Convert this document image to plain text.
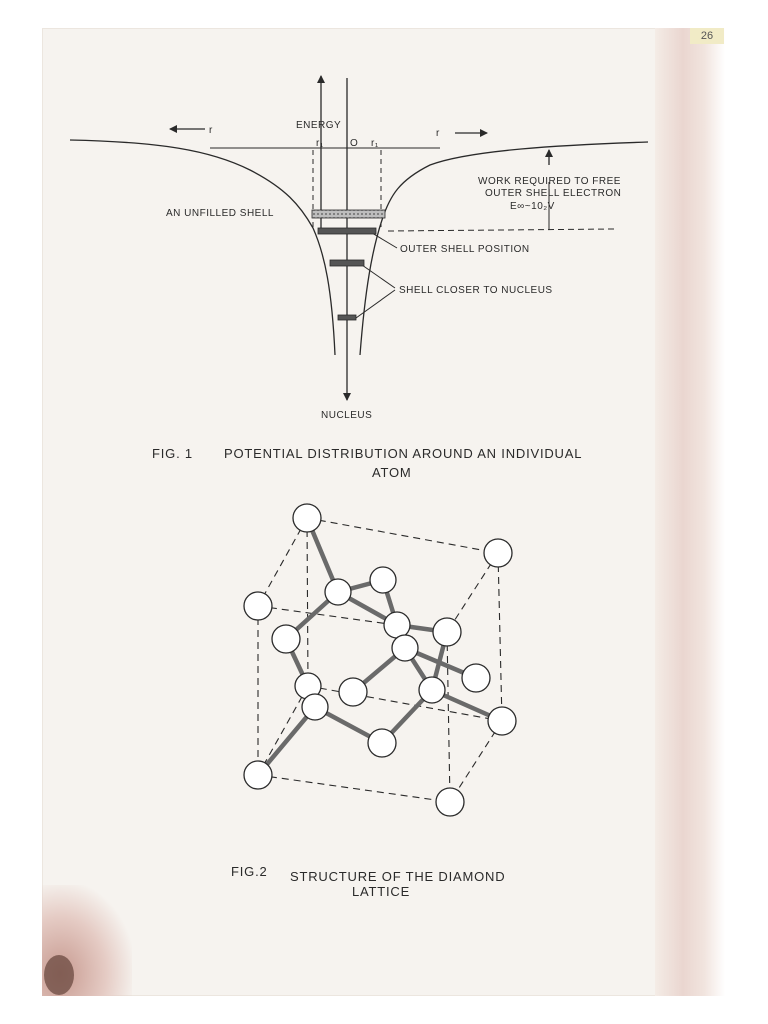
26
ENERGY
r	r
r₁	O r₁
WORK REQUIRED TO FREE
OUTER SHELL ELECTRON
E∞~10₂V
AN UNFILLED SHELL
OUTER SHELL POSITION
SHELL CLOSER TO NUCLEUS
NUCLEUS
FIG. 1 POTENTIAL DISTRIBUTION AROUND AN INDIVIDUAL
ATOM
FIG.2 STRUCTURE OF THE DIAMOND
LATTICE
